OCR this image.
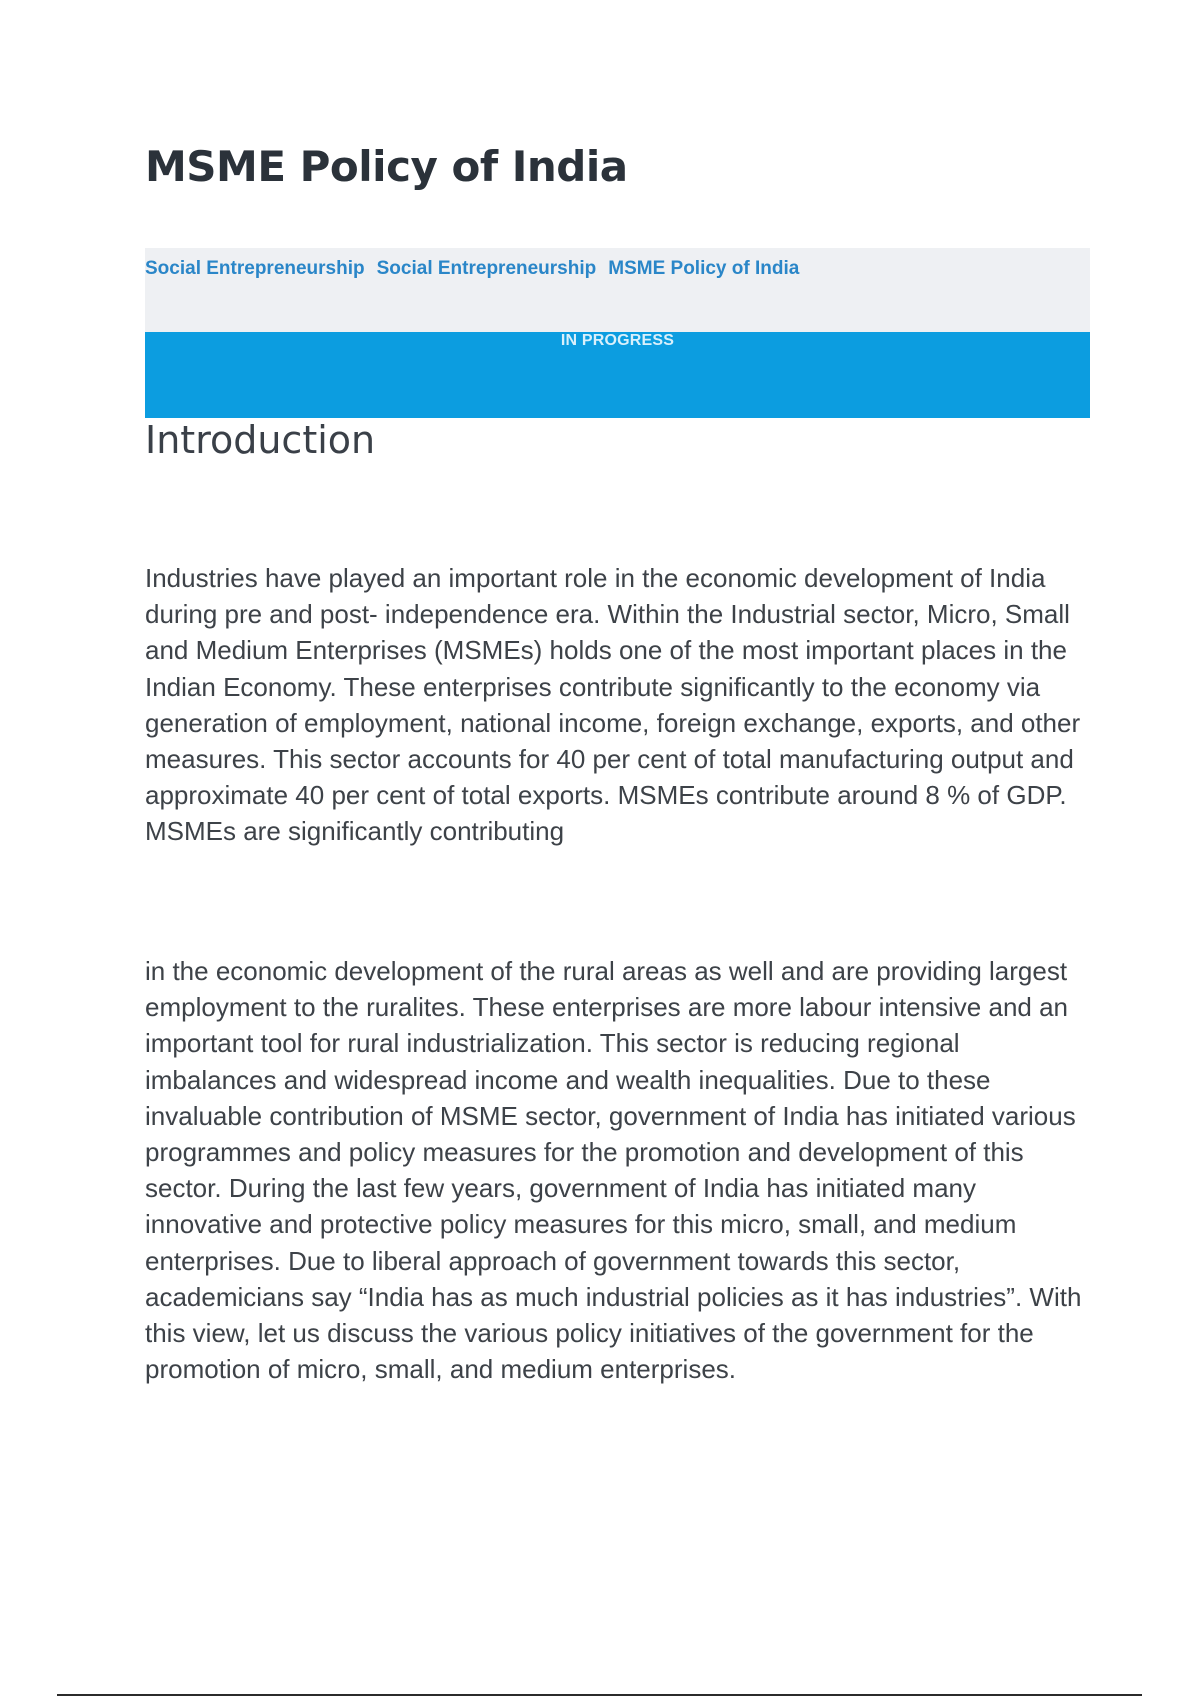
MSME Policy of India
Social Entrepreneurship Social Entrepreneurship MSME Policy of India
IN PROGRESS
Introduction

Industries have played an important role in the economic development of India during pre and post- independence era. Within the Industrial sector, Micro, Small and Medium Enterprises (MSMEs) holds one of the most important places in the Indian Economy. These enterprises contribute significantly to the economy via generation of employment, national income, foreign exchange, exports, and other measures. This sector accounts for 40 per cent of total manufacturing output and approximate 40 per cent of total exports. MSMEs contribute around 8 % of GDP. MSMEs are significantly contributing

in the economic development of the rural areas as well and are providing largest employment to the ruralites. These enterprises are more labour intensive and an important tool for rural industrialization. This sector is reducing regional imbalances and widespread income and wealth inequalities. Due to these invaluable contribution of MSME sector, government of India has initiated various programmes and policy measures for the promotion and development of this sector. During the last few years, government of India has initiated many innovative and protective policy measures for this micro, small, and medium enterprises. Due to liberal approach of government towards this sector, academicians say “India has as much industrial policies as it has industries”. With this view, let us discuss the various policy initiatives of the government for the promotion of micro, small, and medium enterprises.
